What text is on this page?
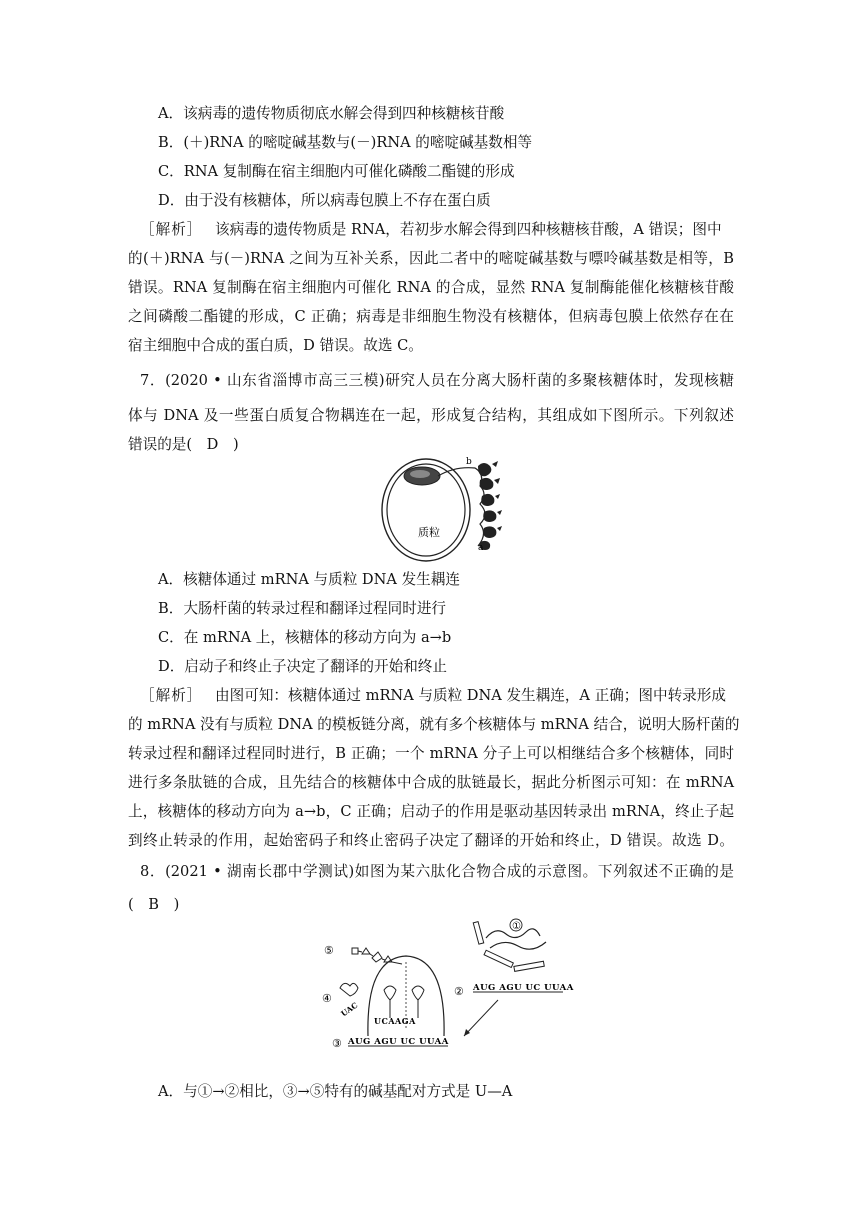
A．该病毒的遗传物质彻底水解会得到四种核糖核苷酸
B．(＋)RNA 的嘧啶碱基数与(－)RNA 的嘧啶碱基数相等
C．RNA 复制酶在宿主细胞内可催化磷酸二酯键的形成
D．由于没有核糖体，所以病毒包膜上不存在蛋白质
［解析］ 该病毒的遗传物质是 RNA，若初步水解会得到四种核糖核苷酸，A 错误；图中
的(＋)RNA 与(－)RNA 之间为互补关系，因此二者中的嘧啶碱基数与嘌呤碱基数是相等，B
错误。RNA 复制酶在宿主细胞内可催化 RNA 的合成，显然 RNA 复制酶能催化核糖核苷酸
之间磷酸二酯键的形成，C 正确；病毒是非细胞生物没有核糖体，但病毒包膜上依然存在在
宿主细胞中合成的蛋白质，D 错误。故选 C。
7．(2020 • 山东省淄博市高三三模)研究人员在分离大肠杆菌的多聚核糖体时，发现核糖
体与 DNA 及一些蛋白质复合物耦连在一起，形成复合结构，其组成如下图所示。下列叙述
错误的是(　D　)
b
a
质粒
A．核糖体通过 mRNA 与质粒 DNA 发生耦连
B．大肠杆菌的转录过程和翻译过程同时进行
C．在 mRNA 上，核糖体的移动方向为 a→b
D．启动子和终止子决定了翻译的开始和终止
［解析］ 由图可知：核糖体通过 mRNA 与质粒 DNA 发生耦连，A 正确；图中转录形成
的 mRNA 没有与质粒 DNA 的模板链分离，就有多个核糖体与 mRNA 结合，说明大肠杆菌的
转录过程和翻译过程同时进行，B 正确；一个 mRNA 分子上可以相继结合多个核糖体，同时
进行多条肽链的合成，且先结合的核糖体中合成的肽链最长，据此分析图示可知：在 mRNA
上，核糖体的移动方向为 a→b，C 正确；启动子的作用是驱动基因转录出 mRNA，终止子起
到终止转录的作用，起始密码子和终止密码子决定了翻译的开始和终止，D 错误。故选 D。
8．(2021 • 湖南长郡中学测试)如图为某六肽化合物合成的示意图。下列叙述不正确的是
(　B　)
①
② AUG AGU UC UUAA
UCAAGA
⑤
④
UAC
③ AUG AGU UC UUAA
A．与①→②相比，③→⑤特有的碱基配对方式是 U—A
